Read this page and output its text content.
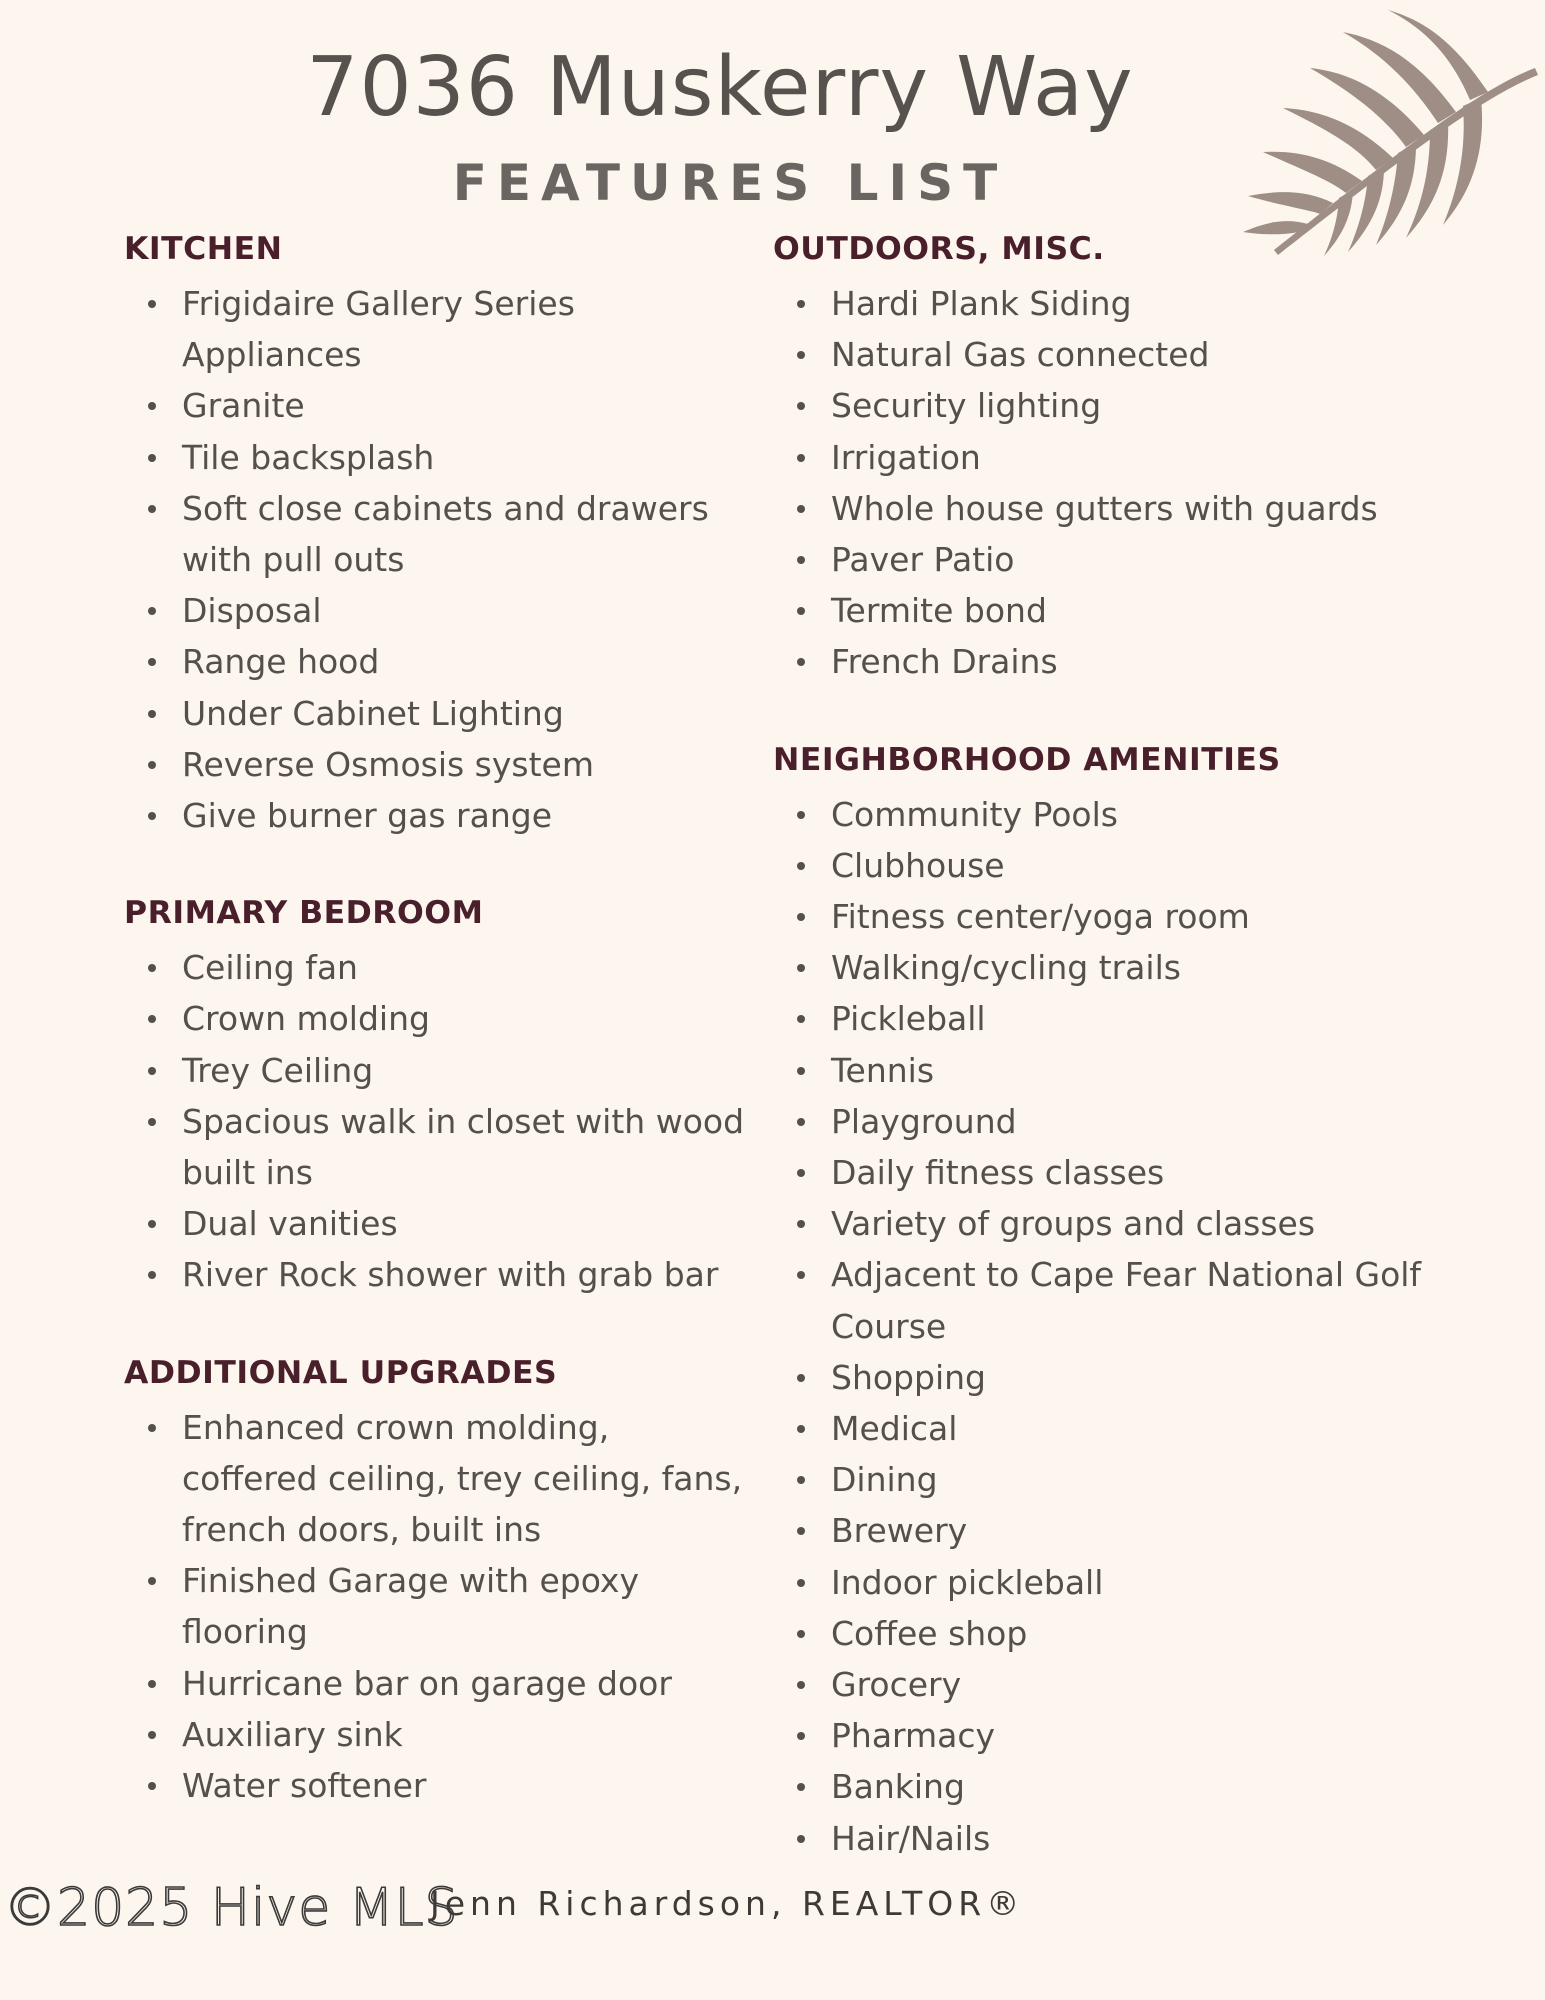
7036 Muskerry Way
FEATURES LIST
KITCHEN
Frigidaire Gallery Series Appliances
Granite
Tile backsplash
Soft close cabinets and drawers with pull outs
Disposal
Range hood
Under Cabinet Lighting
Reverse Osmosis system
Give burner gas range
PRIMARY BEDROOM
Ceiling fan
Crown molding
Trey Ceiling
Spacious walk in closet with wood built ins
Dual vanities
River Rock shower with grab bar
ADDITIONAL UPGRADES
Enhanced crown molding, coffered ceiling, trey ceiling, fans, french doors, built ins
Finished Garage with epoxy flooring
Hurricane bar on garage door
Auxiliary sink
Water softener
OUTDOORS, MISC.
Hardi Plank Siding
Natural Gas connected
Security lighting
Irrigation
Whole house gutters with guards
Paver Patio
Termite bond
French Drains
NEIGHBORHOOD AMENITIES
Community Pools
Clubhouse
Fitness center/yoga room
Walking/cycling trails
Pickleball
Tennis
Playground
Daily fitness classes
Variety of groups and classes
Adjacent to Cape Fear National Golf Course
Shopping
Medical
Dining
Brewery
Indoor pickleball
Coffee shop
Grocery
Pharmacy
Banking
Hair/Nails
©2025 Hive MLS
Jenn Richardson, REALTOR®
